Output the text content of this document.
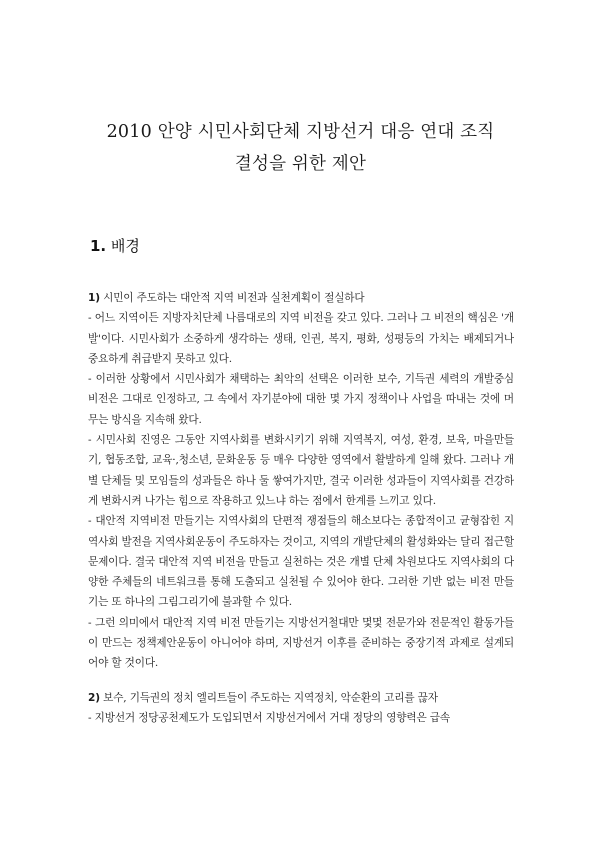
2010 안양 시민사회단체 지방선거 대응 연대 조직
결성을 위한 제안
1. 배경

1) 시민이 주도하는 대안적 지역 비전과 실천계획이 절실하다

- 어느 지역이든 지방자치단체 나름대로의 지역 비전을 갖고 있다. 그러나 그 비전의 핵심은 '개발'이다. 시민사회가 소중하게 생각하는 생태, 인권, 복지, 평화, 성평등의 가치는 배제되거나 중요하게 취급받지 못하고 있다.

- 이러한 상황에서 시민사회가 채택하는 최악의 선택은 이러한 보수, 기득권 세력의 개발중심 비전은 그대로 인정하고, 그 속에서 자기분야에 대한 몇 가지 정책이나 사업을 따내는 것에 머무는 방식을 지속해 왔다.

- 시민사회 진영은 그동안 지역사회를 변화시키기 위해 지역복지, 여성, 환경, 보육, 마을만들기, 협동조합, 교육·,청소년, 문화운동 등 매우 다양한 영역에서 활발하게 일해 왔다. 그러나 개별 단체들 및 모임들의 성과들은 하나 둘 쌓여가지만, 결국 이러한 성과들이 지역사회를 건강하게 변화시켜 나가는 힘으로 작용하고 있느냐 하는 점에서 한계를 느끼고 있다.

- 대안적 지역비전 만들기는 지역사회의 단편적 쟁점들의 해소보다는 종합적이고 균형잡힌 지역사회 발전을 지역사회운동이 주도하자는 것이고, 지역의 개발단체의 활성화와는 달리 접근할 문제이다. 결국 대안적 지역 비전을 만들고 실천하는 것은 개별 단체 차원보다도 지역사회의 다양한 주체들의 네트워크를 통해 도출되고 실천될 수 있어야 한다. 그러한 기반 없는 비전 만들기는 또 하나의 그림그리기에 불과할 수 있다.

- 그런 의미에서 대안적 지역 비전 만들기는 지방선거철대만 몇몇 전문가와 전문적인 활동가들이 만드는 정책제안운동이 아니어야 하며, 지방선거 이후를 준비하는 중장기적 과제로 설계되어야 할 것이다.

2) 보수, 기득권의 정치 엘리트들이 주도하는 지역정치, 악순환의 고리를 끊자

- 지방선거 정당공천제도가 도입되면서 지방선거에서 거대 정당의 영향력은 급속
